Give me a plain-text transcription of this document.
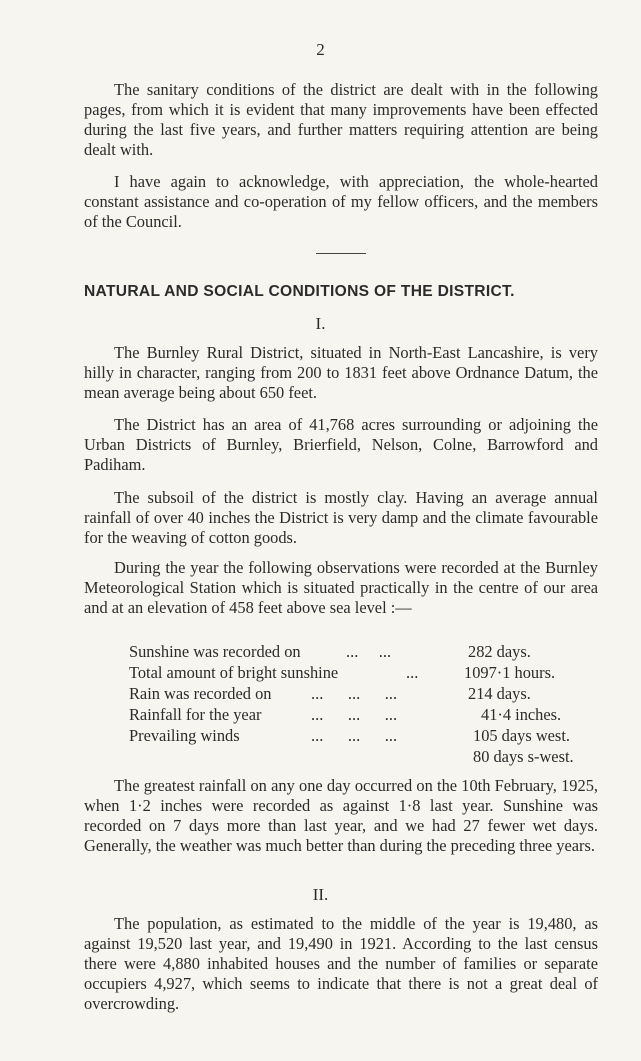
2

The sanitary conditions of the district are dealt with in the following pages, from which it is evident that many improvements have been effected during the last five years, and further matters requiring attention are being dealt with.

I have again to acknowledge, with appreciation, the whole-hearted constant assistance and co-operation of my fellow officers, and the members of the Council.

NATURAL AND SOCIAL CONDITIONS OF THE DISTRICT.
I.

The Burnley Rural District, situated in North-East Lancashire, is very hilly in character, ranging from 200 to 1831 feet above Ordnance Datum, the mean average being about 650 feet.

The District has an area of 41,768 acres surrounding or adjoining the Urban Districts of Burnley, Brierfield, Nelson, Colne, Barrowford and Padiham.

The subsoil of the district is mostly clay. Having an average annual rainfall of over 40 inches the District is very damp and the climate favourable for the weaving of cotton goods.

During the year the following observations were recorded at the Burnley Meteorological Station which is situated practically in the centre of our area and at an elevation of 458 feet above sea level :—

Sunshine was recorded on	...     ...	282 days.
Total amount of bright sunshine	...	1097·1 hours.
Rain was recorded on ...      ...      ...	214 days.
Rainfall for the year	...      ...      ...	41·4 inches.
Prevailing winds	...      ...      ...	105 days west.
80 days s-west.

The greatest rainfall on any one day occurred on the 10th February, 1925, when 1·2 inches were recorded as against 1·8 last year. Sunshine was recorded on 7 days more than last year, and we had 27 fewer wet days. Generally, the weather was much better than during the preceding three years.

II.

The population, as estimated to the middle of the year is 19,480, as against 19,520 last year, and 19,490 in 1921. According to the last census there were 4,880 inhabited houses and the number of families or separate occupiers 4,927, which seems to indicate that there is not a great deal of overcrowding.
